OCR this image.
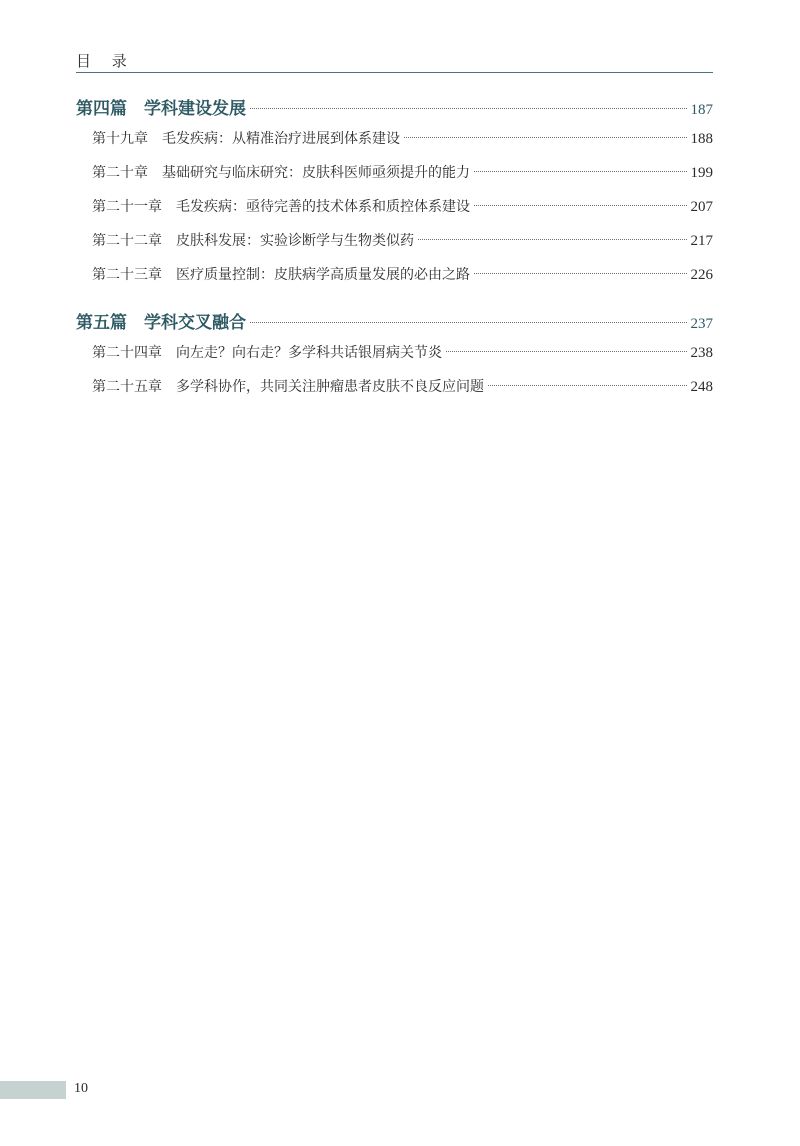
目 录
第四篇　学科建设发展	187
第十九章　毛发疾病：从精准治疗进展到体系建设	188
第二十章　基础研究与临床研究：皮肤科医师亟须提升的能力	199
第二十一章　毛发疾病：亟待完善的技术体系和质控体系建设	207
第二十二章　皮肤科发展：实验诊断学与生物类似药	217
第二十三章　医疗质量控制：皮肤病学高质量发展的必由之路	226
第五篇　学科交叉融合	237
第二十四章　向左走？向右走？多学科共话银屑病关节炎	238
第二十五章　多学科协作，共同关注肿瘤患者皮肤不良反应问题	248
10
